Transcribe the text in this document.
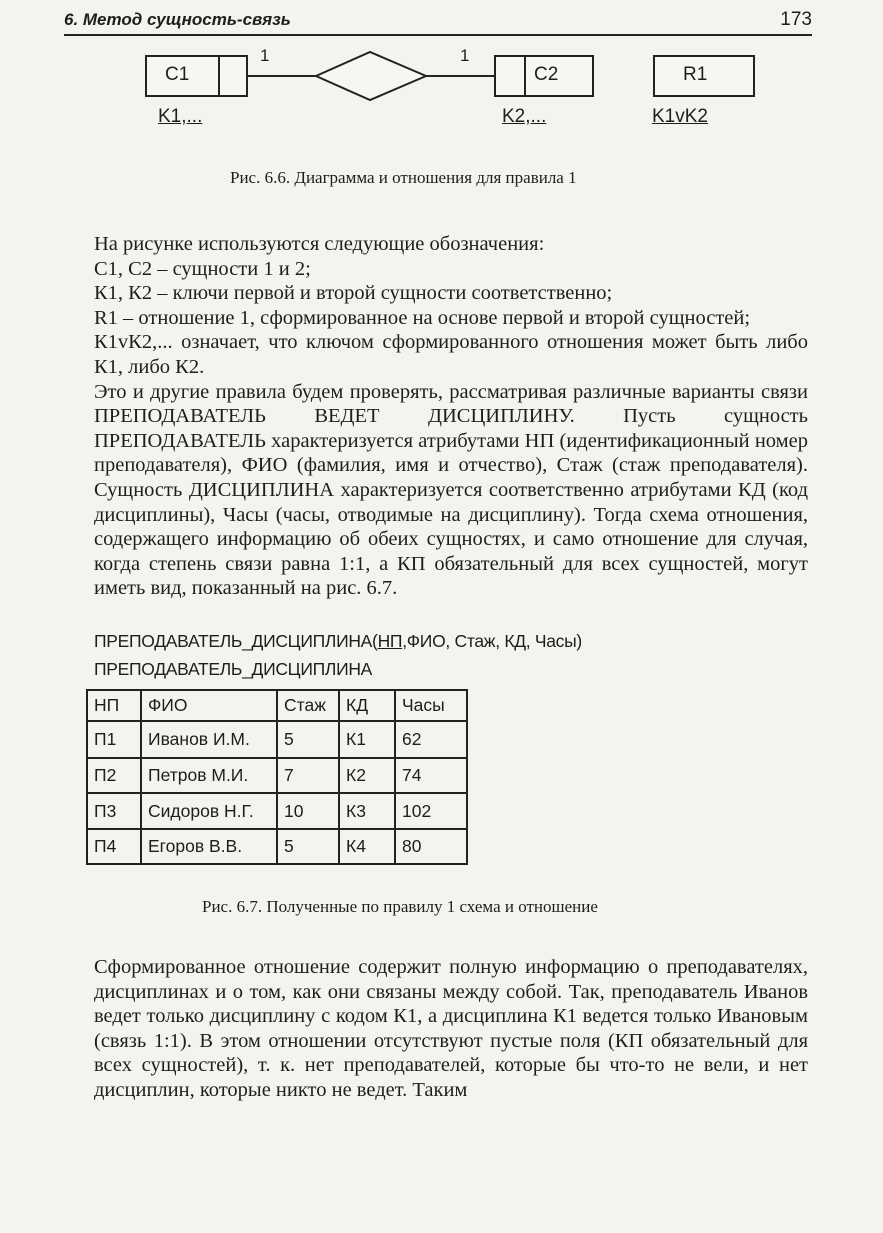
6. Метод сущность-связь	173
C1	C2	R1
1	1
K1,...	K2,...	K1vK2
Рис. 6.6. Диаграмма и отношения для правила 1

На рисунке используются следующие обозначения:

С1, С2 – сущности 1 и 2;

К1, К2 – ключи первой и второй сущности соответственно;

R1 – отношение 1, сформированное на основе первой и второй сущностей;

К1vК2,... означает, что ключом сформированного отношения может быть либо К1, либо К2.

Это и другие правила будем проверять, рассматривая различные варианты связи ПРЕПОДАВАТЕЛЬ ВЕДЕТ ДИСЦИПЛИНУ. Пусть сущность ПРЕПОДАВАТЕЛЬ характеризуется атрибутами НП (идентификационный номер преподавателя), ФИО (фамилия, имя и отчество), Стаж (стаж преподавателя). Сущность ДИСЦИПЛИНА характеризуется соответственно атрибутами КД (код дисциплины), Часы (часы, отводимые на дисциплину). Тогда схема отношения, содержащего информацию об обеих сущностях, и само отношение для случая, когда степень связи равна 1:1, а КП обязательный для всех сущностей, могут иметь вид, показанный на рис. 6.7.

ПРЕПОДАВАТЕЛЬ_ДИСЦИПЛИНА(НП,ФИО, Стаж, КД, Часы)
ПРЕПОДАВАТЕЛЬ_ДИСЦИПЛИНА
НП	ФИО	Стаж	КД	Часы
П1	Иванов И.М.	5	К1	62
П2	Петров М.И.	7	К2	74
П3	Сидоров Н.Г.	10	К3	102
П4	Егоров В.В.	5	К4	80
Рис. 6.7. Полученные по правилу 1 схема и отношение

Сформированное отношение содержит полную информацию о преподавателях, дисциплинах и о том, как они связаны между собой. Так, преподаватель Иванов ведет только дисциплину с кодом К1, а дисциплина К1 ведется только Ивановым (связь 1:1). В этом отношении отсутствуют пустые поля (КП обязательный для всех сущностей), т. к. нет преподавателей, которые бы что-то не вели, и нет дисциплин, которые никто не ведет. Таким
